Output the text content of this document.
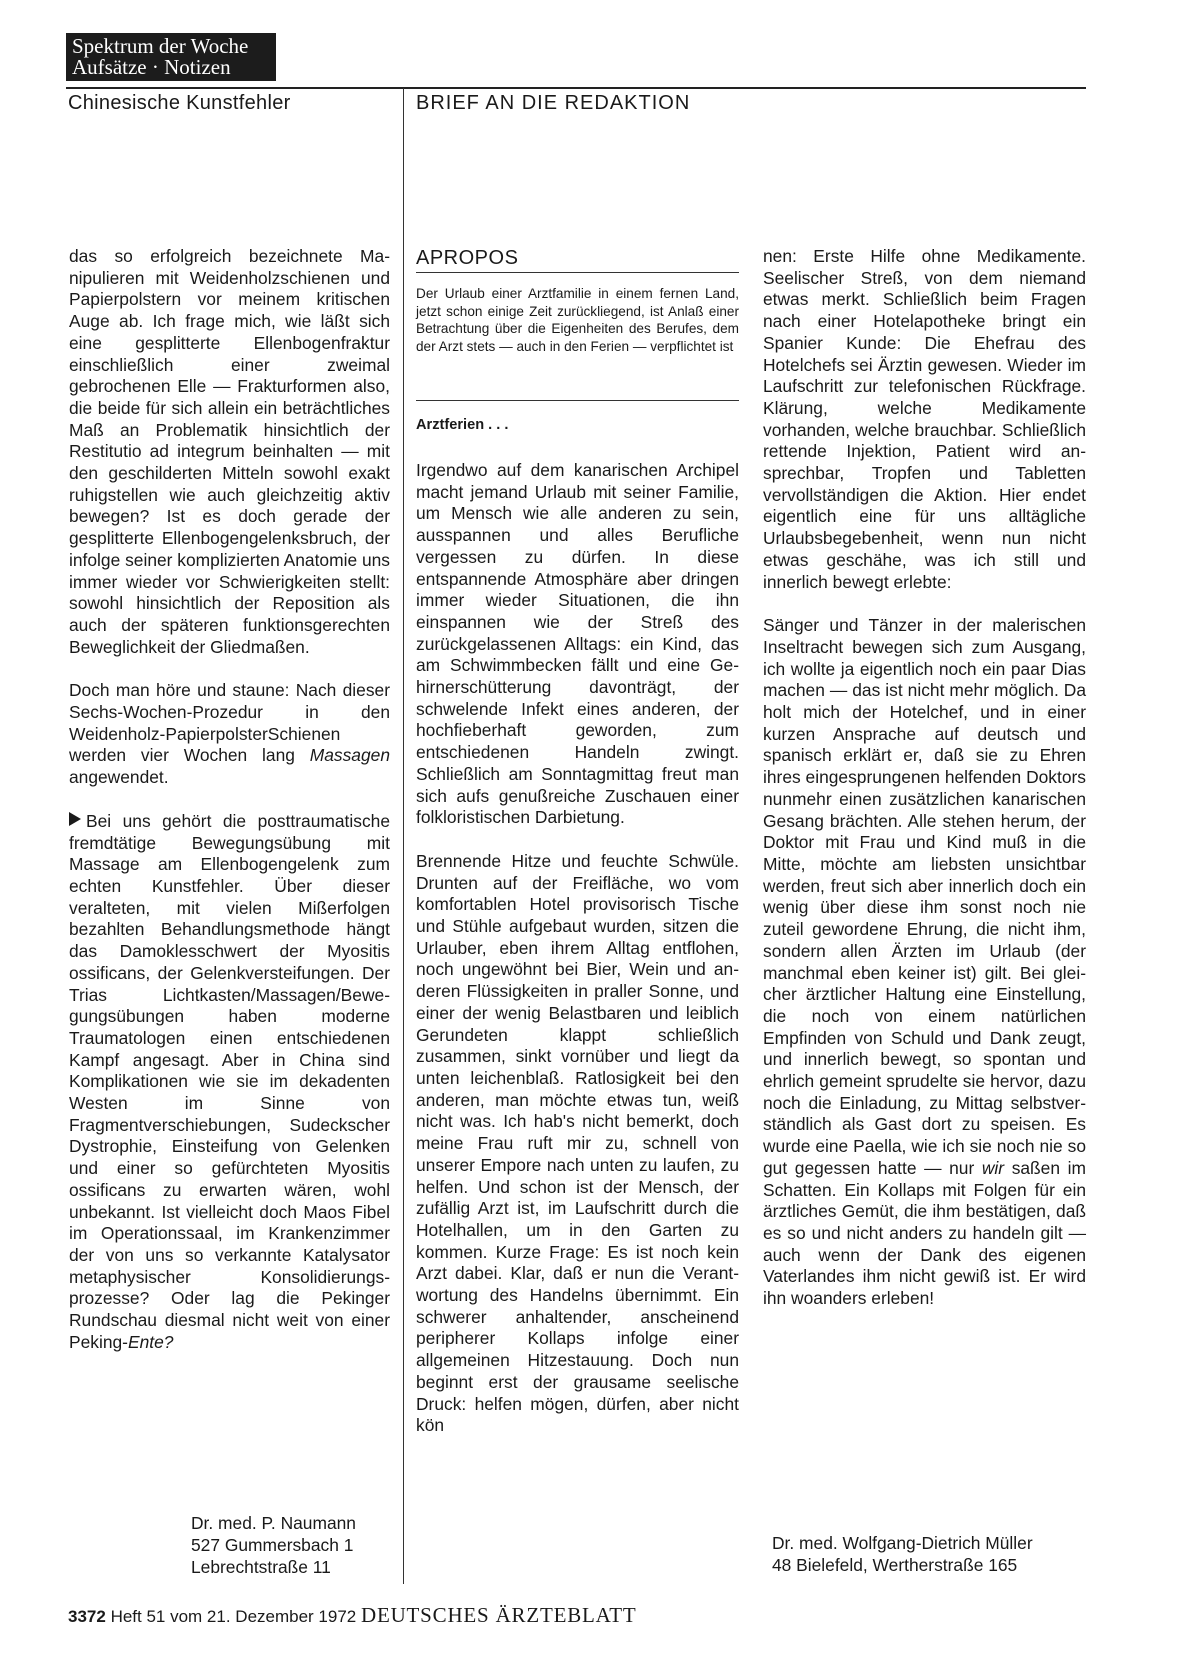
Spektrum der Woche
Aufsätze · Notizen
Chinesische Kunstfehler	BRIEF AN DIE REDAKTION

das so erfolgreich bezeichnete Manipulieren mit Weidenholzschienen und Papierpolstern vor meinem kritischen Auge ab. Ich frage mich, wie läßt sich eine gesplitterte Ellenbogenfraktur einschließlich einer zweimal gebrochenen Elle — Frakturformen also, die beide für sich allein ein beträchtliches Maß an Problematik hinsichtlich der Restitutio ad integrum beinhalten — mit den geschilderten Mitteln sowohl exakt ruhigstellen wie auch gleichzeitig aktiv bewegen? Ist es doch gerade der gesplitterte Ellenbogengelenksbruch, der infolge seiner komplizierten Anatomie uns immer wieder vor Schwierigkeiten stellt: sowohl hinsichtlich der Reposition als auch der späteren funktionsgerechten Beweglichkeit der Gliedmaßen.

Doch man höre und staune: Nach dieser Sechs-Wochen-Prozedur in den Weidenholz-PapierpolsterSchienen werden vier Wochen lang Massagen angewendet.

Bei uns gehört die posttraumatische fremdtätige Bewegungsübung mit Massage am Ellenbogengelenk zum echten Kunstfehler. Über dieser veralteten, mit vielen Mißerfolgen bezahlten Behandlungsmethode hängt das Damoklesschwert der Myositis ossificans, der Gelenkversteifungen. Der Trias Lichtkasten/Massagen/Bewegungsübungen haben moderne Traumatologen einen entschiedenen Kampf angesagt. Aber in China sind Komplikationen wie sie im dekadenten Westen im Sinne von Fragmentverschiebungen, Sudeckscher Dystrophie, Einsteifung von Gelenken und einer so gefürchteten Myositis ossificans zu erwarten wären, wohl unbekannt. Ist vielleicht doch Maos Fibel im Operationssaal, im Krankenzimmer der von uns so verkannte Katalysator metaphysischer Konsolidierungsprozesse? Oder lag die Pekinger Rundschau diesmal nicht weit von einer Peking-Ente?

Dr. med. P. Naumann
527 Gummersbach 1
Lebrechtstraße 11
APROPOS
Der Urlaub einer Arztfamilie in einem fernen Land, jetzt schon einige Zeit zurückliegend, ist Anlaß einer Betrachtung über die Eigenheiten des Berufes, dem der Arzt stets — auch in den Ferien — verpflichtet ist
Arztferien . . .

Irgendwo auf dem kanarischen Archipel macht jemand Urlaub mit seiner Familie, um Mensch wie alle anderen zu sein, ausspannen und alles Berufliche vergessen zu dürfen. In diese entspannende Atmosphäre aber dringen immer wieder Situationen, die ihn einspannen wie der Streß des zurückgelassenen Alltags: ein Kind, das am Schwimmbecken fällt und eine Gehirnerschütterung davonträgt, der schwelende Infekt eines anderen, der hochfieberhaft geworden, zum entschiedenen Handeln zwingt. Schließlich am Sonntagmittag freut man sich aufs genußreiche Zuschauen einer folkloristischen Darbietung.

Brennende Hitze und feuchte Schwüle. Drunten auf der Freifläche, wo vom komfortablen Hotel provisorisch Tische und Stühle aufgebaut wurden, sitzen die Urlauber, eben ihrem Alltag entflohen, noch ungewöhnt bei Bier, Wein und anderen Flüssigkeiten in praller Sonne, und einer der wenig Belastbaren und leiblich Gerundeten klappt schließlich zusammen, sinkt vornüber und liegt da unten leichenblaß. Ratlosigkeit bei den anderen, man möchte etwas tun, weiß nicht was. Ich hab's nicht bemerkt, doch meine Frau ruft mir zu, schnell von unserer Empore nach unten zu laufen, zu helfen. Und schon ist der Mensch, der zufällig Arzt ist, im Laufschritt durch die Hotelhallen, um in den Garten zu kommen. Kurze Frage: Es ist noch kein Arzt dabei. Klar, daß er nun die Verantwortung des Handelns übernimmt. Ein schwerer anhaltender, anscheinend peripherer Kollaps infolge einer allgemeinen Hitzestauung. Doch nun beginnt erst der grausame seelische Druck: helfen mögen, dürfen, aber nicht kön

nen: Erste Hilfe ohne Medikamente. Seelischer Streß, von dem niemand etwas merkt. Schließlich beim Fragen nach einer Hotelapotheke bringt ein Spanier Kunde: Die Ehefrau des Hotelchefs sei Ärztin gewesen. Wieder im Laufschritt zur telefonischen Rückfrage. Klärung, welche Medikamente vorhanden, welche brauchbar. Schließlich rettende Injektion, Patient wird ansprechbar, Tropfen und Tabletten vervollständigen die Aktion. Hier endet eigentlich eine für uns alltägliche Urlaubsbegebenheit, wenn nun nicht etwas geschähe, was ich still und innerlich bewegt erlebte:

Sänger und Tänzer in der malerischen Inseltracht bewegen sich zum Ausgang, ich wollte ja eigentlich noch ein paar Dias machen — das ist nicht mehr möglich. Da holt mich der Hotelchef, und in einer kurzen Ansprache auf deutsch und spanisch erklärt er, daß sie zu Ehren ihres eingesprungenen helfenden Doktors nunmehr einen zusätzlichen kanarischen Gesang brächten. Alle stehen herum, der Doktor mit Frau und Kind muß in die Mitte, möchte am liebsten unsichtbar werden, freut sich aber innerlich doch ein wenig über diese ihm sonst noch nie zuteil gewordene Ehrung, die nicht ihm, sondern allen Ärzten im Urlaub (der manchmal eben keiner ist) gilt. Bei gleicher ärztlicher Haltung eine Einstellung, die noch von einem natürlichen Empfinden von Schuld und Dank zeugt, und innerlich bewegt, so spontan und ehrlich gemeint sprudelte sie hervor, dazu noch die Einladung, zu Mittag selbstverständlich als Gast dort zu speisen. Es wurde eine Paella, wie ich sie noch nie so gut gegessen hatte — nur wir saßen im Schatten. Ein Kollaps mit Folgen für ein ärztliches Gemüt, die ihm bestätigen, daß es so und nicht anders zu handeln gilt — auch wenn der Dank des eigenen Vaterlandes ihm nicht gewiß ist. Er wird ihn woanders erleben!

Dr. med. Wolfgang-Dietrich Müller
48 Bielefeld, Wertherstraße 165
3372 Heft 51 vom 21. Dezember 1972 DEUTSCHES ÄRZTEBLATT
